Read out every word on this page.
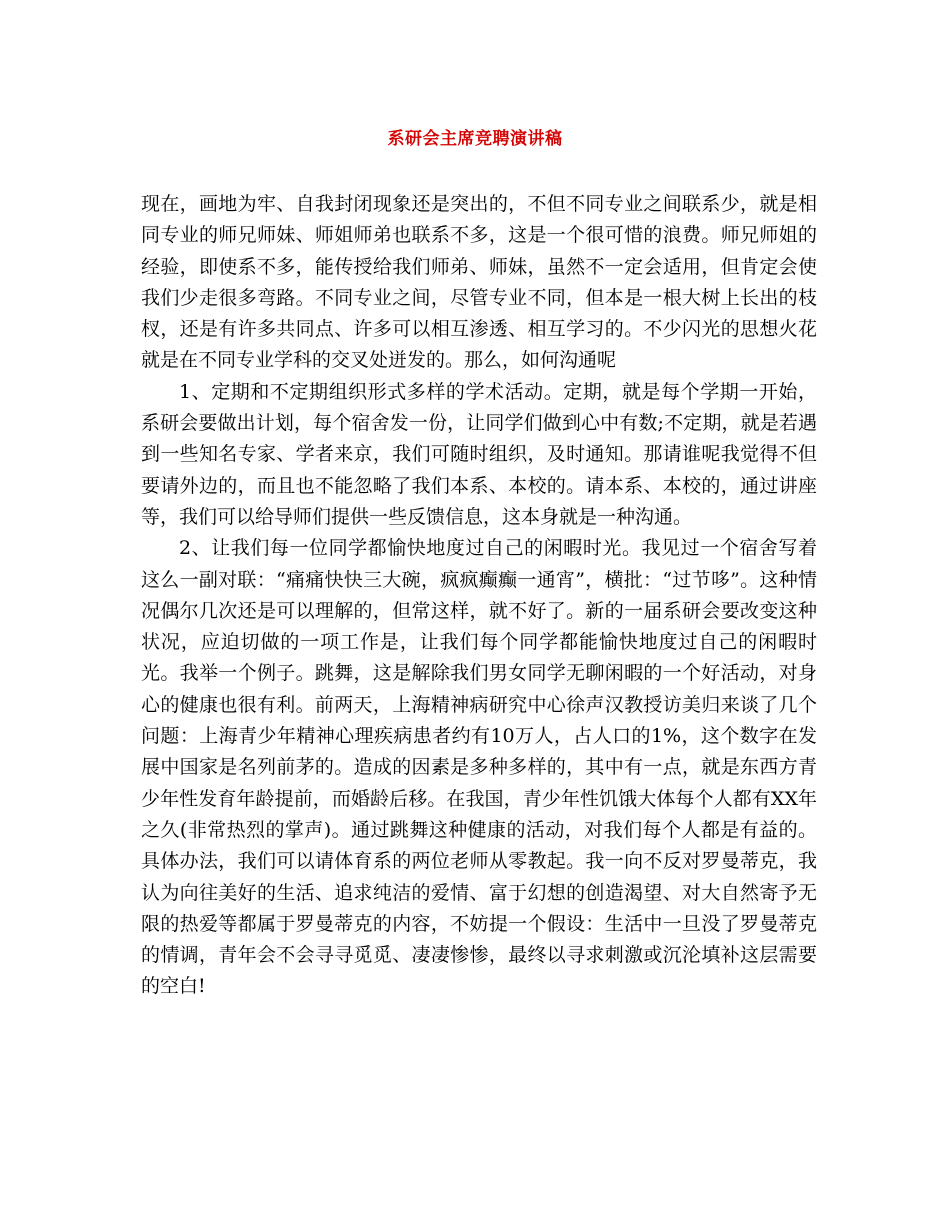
系研会主席竞聘演讲稿

现在，画地为牢、自我封闭现象还是突出的，不但不同专业之间联系少，就是相同专业的师兄师妹、师姐师弟也联系不多，这是一个很可惜的浪费。师兄师姐的经验，即使系不多，能传授给我们师弟、师妹，虽然不一定会适用，但肯定会使我们少走很多弯路。不同专业之间，尽管专业不同，但本是一根大树上长出的枝杈，还是有许多共同点、许多可以相互渗透、相互学习的。不少闪光的思想火花就是在不同专业学科的交叉处迸发的。那么，如何沟通呢

1、定期和不定期组织形式多样的学术活动。定期，就是每个学期一开始，系研会要做出计划，每个宿舍发一份，让同学们做到心中有数;不定期，就是若遇到一些知名专家、学者来京，我们可随时组织，及时通知。那请谁呢我觉得不但要请外边的，而且也不能忽略了我们本系、本校的。请本系、本校的，通过讲座等，我们可以给导师们提供一些反馈信息，这本身就是一种沟通。

2、让我们每一位同学都愉快地度过自己的闲暇时光。我见过一个宿舍写着这么一副对联：“痛痛快快三大碗，疯疯癫癫一通宵”，横批：“过节哆”。这种情况偶尔几次还是可以理解的，但常这样，就不好了。新的一届系研会要改变这种状况，应迫切做的一项工作是，让我们每个同学都能愉快地度过自己的闲暇时光。我举一个例子。跳舞，这是解除我们男女同学无聊闲暇的一个好活动，对身心的健康也很有利。前两天，上海精神病研究中心徐声汉教授访美归来谈了几个问题：上海青少年精神心理疾病患者约有10万人，占人口的1%，这个数字在发展中国家是名列前茅的。造成的因素是多种多样的，其中有一点，就是东西方青少年性发育年龄提前，而婚龄后移。在我国，青少年性饥饿大体每个人都有XX年之久(非常热烈的掌声)。通过跳舞这种健康的活动，对我们每个人都是有益的。具体办法，我们可以请体育系的两位老师从零教起。我一向不反对罗曼蒂克，我认为向往美好的生活、追求纯洁的爱情、富于幻想的创造渴望、对大自然寄予无限的热爱等都属于罗曼蒂克的内容，不妨提一个假设：生活中一旦没了罗曼蒂克的情调，青年会不会寻寻觅觅、凄凄惨惨，最终以寻求刺激或沉沦填补这层需要的空白!
